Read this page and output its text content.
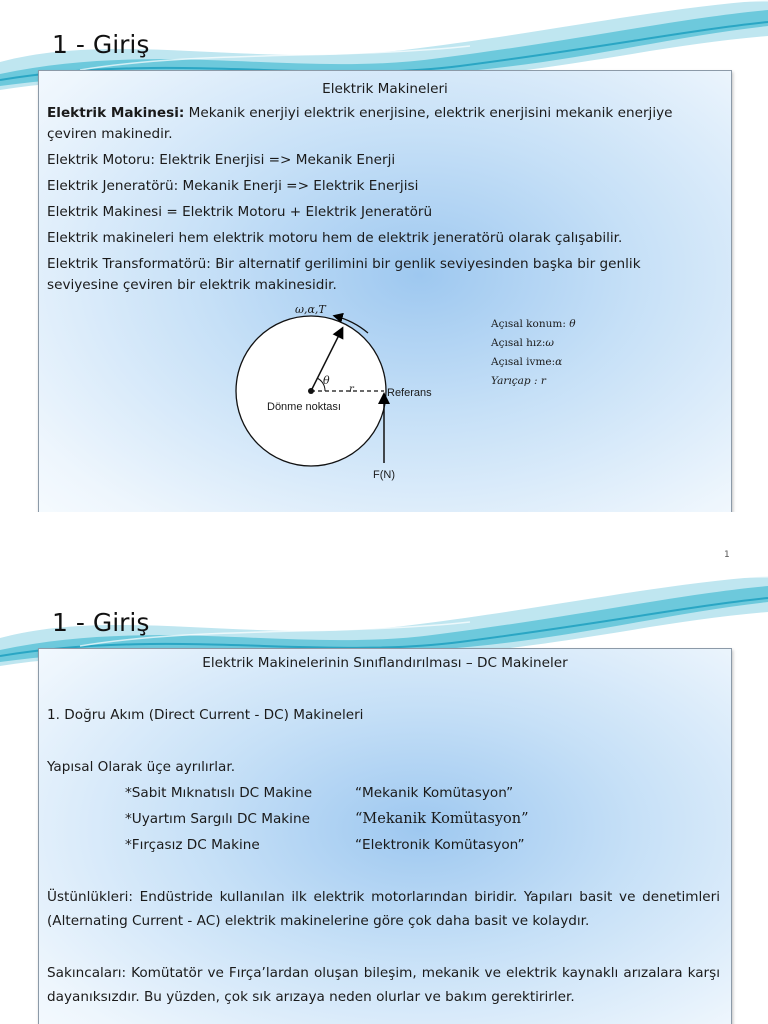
1 - Giriş
Elektrik Makineleri
Elektrik Makinesi: Mekanik enerjiyi elektrik enerjisine, elektrik enerjisini mekanik enerjiye
çeviren makinedir.
Elektrik Motoru: Elektrik Enerjisi => Mekanik Enerji
Elektrik Jeneratörü: Mekanik Enerji => Elektrik Enerjisi
Elektrik Makinesi = Elektrik Motoru + Elektrik Jeneratörü
Elektrik makineleri hem elektrik motoru hem de elektrik jeneratörü olarak çalışabilir.
Elektrik Transformatörü: Bir alternatif gerilimini bir genlik seviyesinden başka bir genlik
seviyesine çeviren bir elektrik makinesidir.
ω,α,T
θ
r
Dönme noktası
Referans
F(N)
Açısal konum: θ
Açısal hız:ω
Açısal ivme:α
Yarıçap : r
1
1 - Giriş
Elektrik Makinelerinin Sınıflandırılması – DC Makineler
1. Doğru Akım (Direct Current - DC) Makineleri
Yapısal Olarak üçe ayrılırlar.
*Sabit Mıknatıslı DC Makine	“Mekanik Komütasyon”
*Uyartım Sargılı DC Makine	“Mekanik Komütasyon”
*Fırçasız DC Makine	“Elektronik Komütasyon”
Üstünlükleri: Endüstride kullanılan ilk elektrik motorlarından biridir. Yapıları basit ve denetimleri (Alternating Current - AC) elektrik makinelerine göre çok daha basit ve kolaydır.
Sakıncaları: Komütatör ve Fırça’lardan oluşan bileşim, mekanik ve elektrik kaynaklı arızalara karşı dayanıksızdır. Bu yüzden, çok sık arızaya neden olurlar ve bakım gerektirirler.
